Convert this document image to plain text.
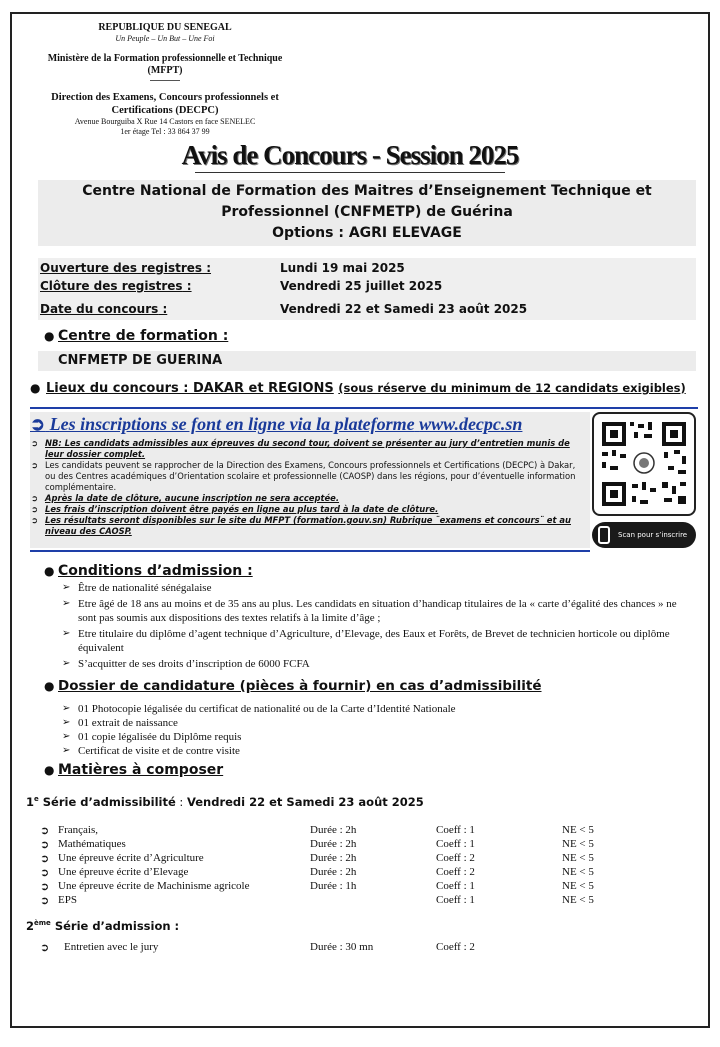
REPUBLIQUE DU SENEGAL
Un Peuple – Un But – Une Foi
Ministère de la Formation professionnelle et Technique (MFPT)
Direction des Examens, Concours professionnels et Certifications (DECPC)
Avenue Bourguiba X Rue 14 Castors en face SENELEC
1er étage Tel : 33 864 37 99
Avis de Concours - Session 2025
Centre National de Formation des Maitres d’Enseignement Technique et
Professionnel (CNFMETP) de Guérina
Options : AGRI ELEVAGE
Ouverture des registres :	Lundi 19 mai 2025
Clôture des registres :	Vendredi 25 juillet 2025
Date du concours :	Vendredi 22 et Samedi 23 août 2025
● Centre de formation :
CNFMETP DE GUERINA
● Lieux du concours : DAKAR et REGIONS (sous réserve du minimum de 12 candidats exigibles)
➲ Les inscriptions se font en ligne via la plateforme www.decpc.sn
➲ NB: Les candidats admissibles aux épreuves du second tour, doivent se présenter au jury d’entretien munis de leur dossier complet.
➲ Les candidats peuvent se rapprocher de la Direction des Examens, Concours professionnels et Certifications (DECPC) à Dakar, ou des Centres académiques d’Orientation scolaire et professionnelle (CAOSP) dans les régions, pour d’éventuelle information complémentaire.
➲ Après la date de clôture, aucune inscription ne sera acceptée.
➲ Les frais d’inscription doivent être payés en ligne au plus tard à la date de clôture.
➲ Les résultats seront disponibles sur le site du MFPT (formation.gouv.sn) Rubrique ¨examens et concours¨ et au niveau des CAOSP.	Scan pour s’inscrire
● Conditions d’admission :
➢ Être de nationalité sénégalaise
➢ Etre âgé de 18 ans au moins et de 35 ans au plus. Les candidats en situation d’handicap titulaires de la « carte d’égalité des chances » ne sont pas soumis aux dispositions des textes relatifs à la limite d’âge ;
➢ Etre titulaire du diplôme d’agent technique d’Agriculture, d’Elevage, des Eaux et Forêts, de Brevet de technicien horticole ou diplôme équivalent
➢ S’acquitter de ses droits d’inscription de 6000 FCFA
● Dossier de candidature (pièces à fournir) en cas d’admissibilité
➢ 01 Photocopie légalisée du certificat de nationalité ou de la Carte d’Identité Nationale
➢ 01 extrait de naissance
➢ 01 copie légalisée du Diplôme requis
➢ Certificat de visite et de contre visite
● Matières à composer
1e Série d’admissibilité : Vendredi 22 et Samedi 23 août 2025
➲ Français,	Durée : 2h	Coeff : 1	NE < 5
➲ Mathématiques	Durée : 2h	Coeff : 1	NE < 5
➲ Une épreuve écrite d’Agriculture	Durée : 2h	Coeff : 2	NE < 5
➲ Une épreuve écrite d’Elevage	Durée : 2h	Coeff : 2	NE < 5
➲ Une épreuve écrite de Machinisme agricole	Durée : 1h	Coeff : 1	NE < 5
➲ EPS	Coeff : 1	NE < 5
2ème Série d’admission :
➲ Entretien avec le jury	Durée : 30 mn	Coeff : 2
